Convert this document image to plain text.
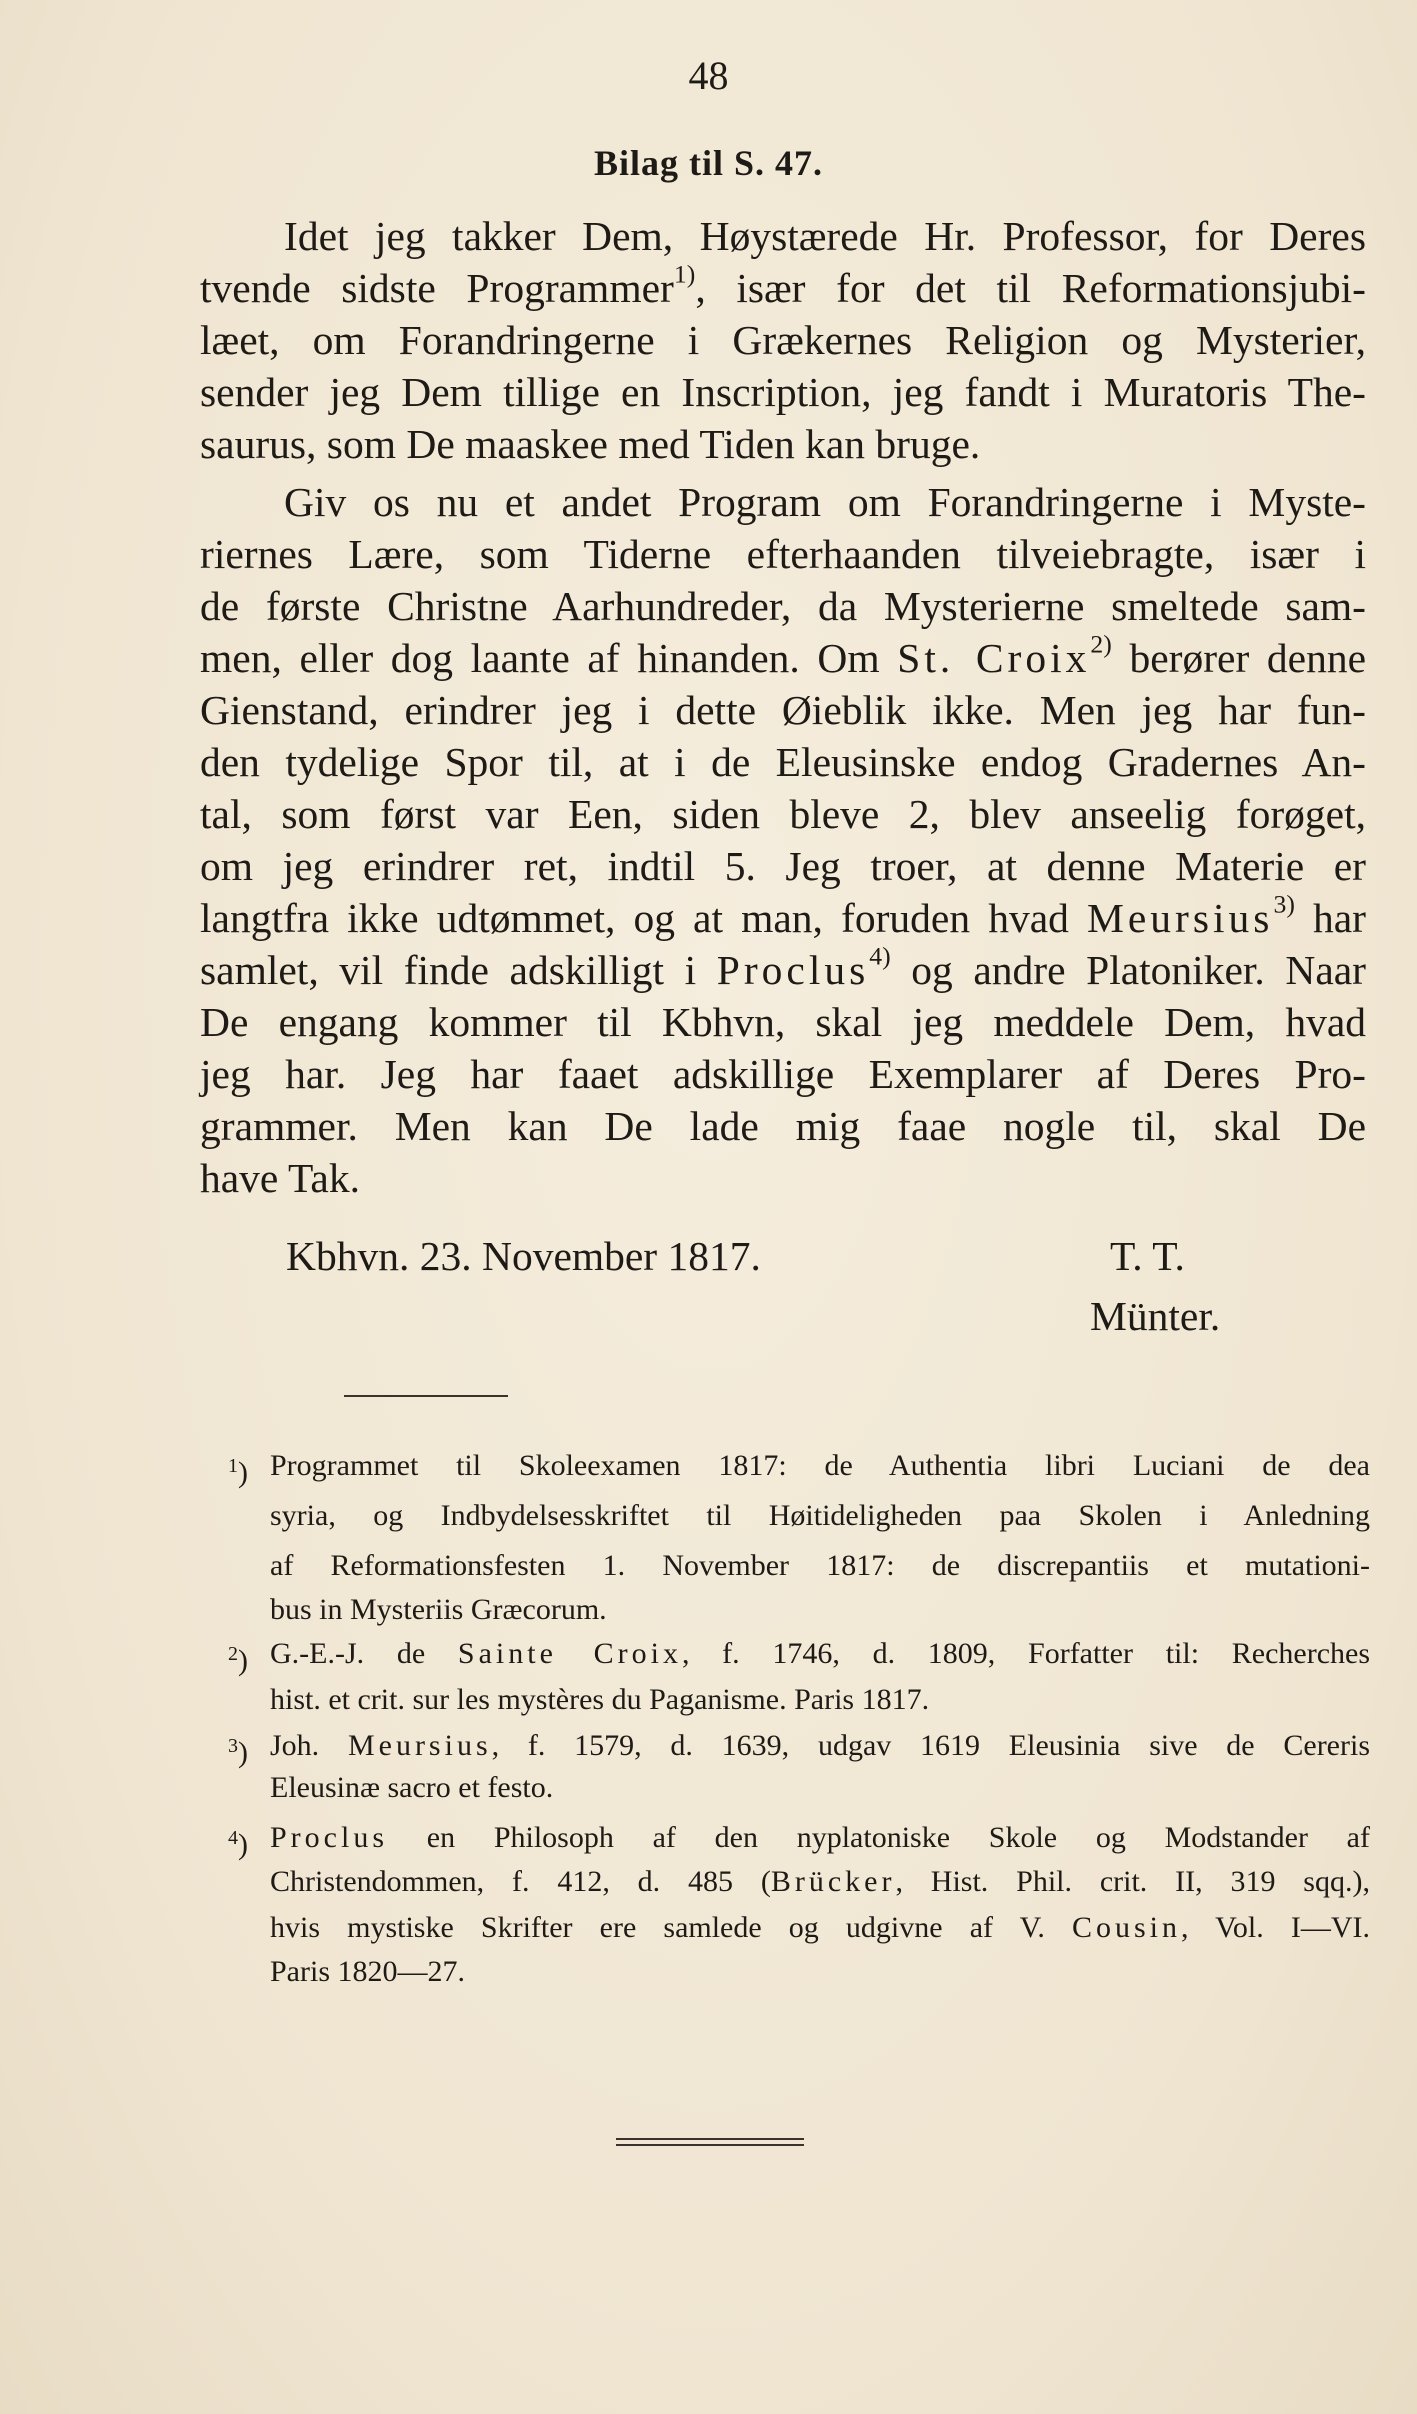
48
Bilag til S. 47.
Idet jeg takker Dem, Høystærede Hr. Professor, for Deres
tvende sidste Programmer$^{1)}$, især for det til Reformationsjubi-
læet, om Forandringerne i Grækernes Religion og Mysterier,
sender jeg Dem tillige en Inscription, jeg fandt i Muratoris The-
saurus, som De maaskee med Tiden kan bruge.
Giv os nu et andet Program om Forandringerne i Myste-
riernes Lære, som Tiderne efterhaanden tilveiebragte, især i
de første Christne Aarhundreder, da Mysterierne smeltede sam-
men, eller dog laante af hinanden. Om St. Croix$^{2)}$ berører denne
Gienstand, erindrer jeg i dette Øieblik ikke. Men jeg har fun-
den tydelige Spor til, at i de Eleusinske endog Gradernes An-
tal, som først var Een, siden bleve 2, blev anseelig forøget,
om jeg erindrer ret, indtil 5. Jeg troer, at denne Materie er
langtfra ikke udtømmet, og at man, foruden hvad Meursius$^{3)}$ har
samlet, vil finde adskilligt i Proclus$^{4)}$ og andre Platoniker. Naar
De engang kommer til Kbhvn, skal jeg meddele Dem, hvad
jeg har. Jeg har faaet adskillige Exemplarer af Deres Pro-
grammer. Men kan De lade mig faae nogle til, skal De
have Tak.
Kbhvn. 23. November 1817.	T. T.
Münter.
$^1$) Programmet til Skoleexamen 1817: de Authentia libri Luciani de dea
syria, og Indbydelsesskriftet til Høitideligheden paa Skolen i Anledning
af Reformationsfesten 1. November 1817: de discrepantiis et mutationi-
bus in Mysteriis Græcorum.
$^2$) G.-E.-J. de Sainte Croix, f. 1746, d. 1809, Forfatter til: Recherches
hist. et crit. sur les mystères du Paganisme. Paris 1817.
$^3$) Joh. Meursius, f. 1579, d. 1639, udgav 1619 Eleusinia sive de Cereris
Eleusinæ sacro et festo.
$^4$) Proclus en Philosoph af den nyplatoniske Skole og Modstander af
Christendommen, f. 412, d. 485 (Brücker, Hist. Phil. crit. II, 319 sqq.),
hvis mystiske Skrifter ere samlede og udgivne af V. Cousin, Vol. I—VI.
Paris 1820—27.
